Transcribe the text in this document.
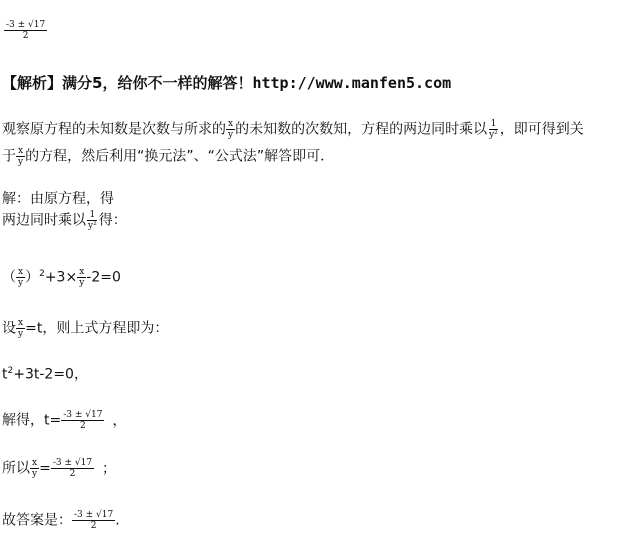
$\frac{-3 \pm √17}{2}$
【解析】满分5，给你不一样的解答！http://www.manfen5.com
观察原方程的未知数是次数与所求的 $\frac{x}{y}$ 的未知数的次数知，方程的两边同时乘以 $\frac{1}{\text{y²}}$ ，即可得到关
于 $\frac{x}{y}$ 的方程，然后利用“换元法”、“公式法”解答即可．
解：由原方程，得
两边同时乘以 $\frac{1}{\text{y²}}$ 得：
（ $\frac{x}{y} )^2+3\times \frac{x}{y} -2=0$
设 $\frac{x}{y} =t$，则上式方程即为：
$t^2+3t-2=0$，
解得，$t= \frac{-3 \pm √17}{2}$ ，
所以 $\frac{x}{y} = \frac{-3 \pm √17}{2}$ ；
故答案是： $\frac{-3 \pm √17}{2}$ .
